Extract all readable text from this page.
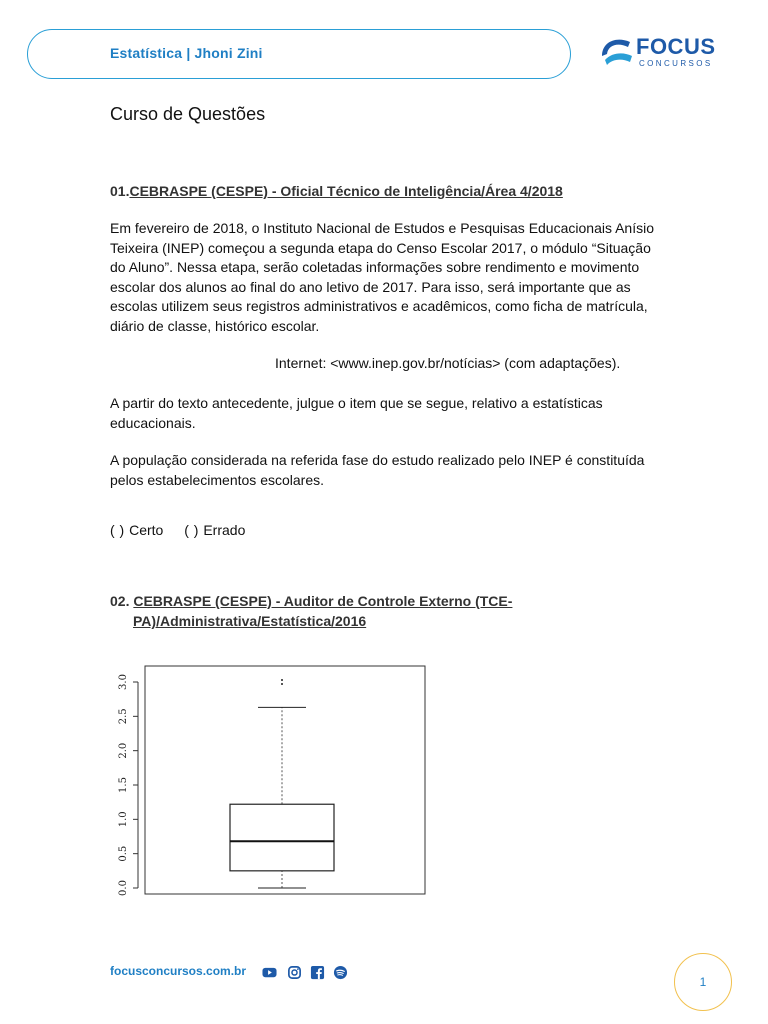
Estatística | Jhoni Zini	FOCUS
CONCURSOS
Curso de Questões
01.CEBRASPE (CESPE) - Oficial Técnico de Inteligência/Área 4/2018

Em fevereiro de 2018, o Instituto Nacional de Estudos e Pesquisas Educacionais Anísio Teixeira (INEP) começou a segunda etapa do Censo Escolar 2017, o módulo “Situação do Aluno”. Nessa etapa, serão coletadas informações sobre rendimento e movimento escolar dos alunos ao final do ano letivo de 2017. Para isso, será importante que as escolas utilizem seus registros administrativos e acadêmicos, como ficha de matrícula, diário de classe, histórico escolar.

Internet: <www.inep.gov.br/notícias> (com adaptações).

A partir do texto antecedente, julgue o item que se segue, relativo a estatísticas educacionais.

A população considerada na referida fase do estudo realizado pelo INEP é constituída pelos estabelecimentos escolares.

( ) Certo ( ) Errado

02. CEBRASPE (CESPE) - Auditor de Controle Externo (TCE-
PA)/Administrativa/Estatística/2016
0.0
0.5
1.0
1.5
2.0
2.5
3.0
focusconcursos.com.br
1
